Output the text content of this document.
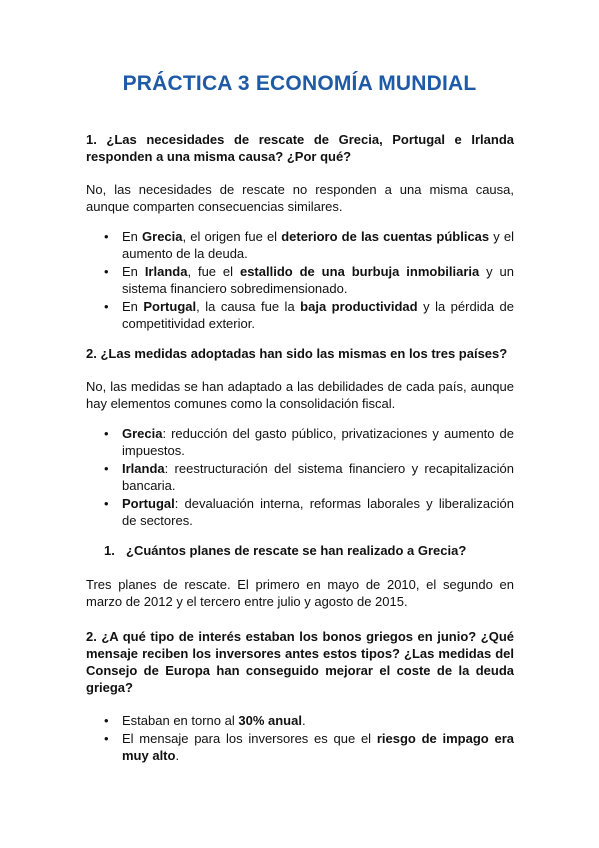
PRÁCTICA 3 ECONOMÍA MUNDIAL
1. ¿Las necesidades de rescate de Grecia, Portugal e Irlanda responden a una misma causa? ¿Por qué?
No, las necesidades de rescate no responden a una misma causa, aunque comparten consecuencias similares.
• En Grecia, el origen fue el deterioro de las cuentas públicas y el aumento de la deuda.
• En Irlanda, fue el estallido de una burbuja inmobiliaria y un sistema financiero sobredimensionado.
• En Portugal, la causa fue la baja productividad y la pérdida de competitividad exterior.
2. ¿Las medidas adoptadas han sido las mismas en los tres países?
No, las medidas se han adaptado a las debilidades de cada país, aunque hay elementos comunes como la consolidación fiscal.
• Grecia: reducción del gasto público, privatizaciones y aumento de impuestos.
• Irlanda: reestructuración del sistema financiero y recapitalización bancaria.
• Portugal: devaluación interna, reformas laborales y liberalización de sectores.
1. ¿Cuántos planes de rescate se han realizado a Grecia?
Tres planes de rescate. El primero en mayo de 2010, el segundo en marzo de 2012 y el tercero entre julio y agosto de 2015.
2. ¿A qué tipo de interés estaban los bonos griegos en junio? ¿Qué mensaje reciben los inversores antes estos tipos? ¿Las medidas del Consejo de Europa han conseguido mejorar el coste de la deuda griega?
• Estaban en torno al 30% anual.
• El mensaje para los inversores es que el riesgo de impago era muy alto.
